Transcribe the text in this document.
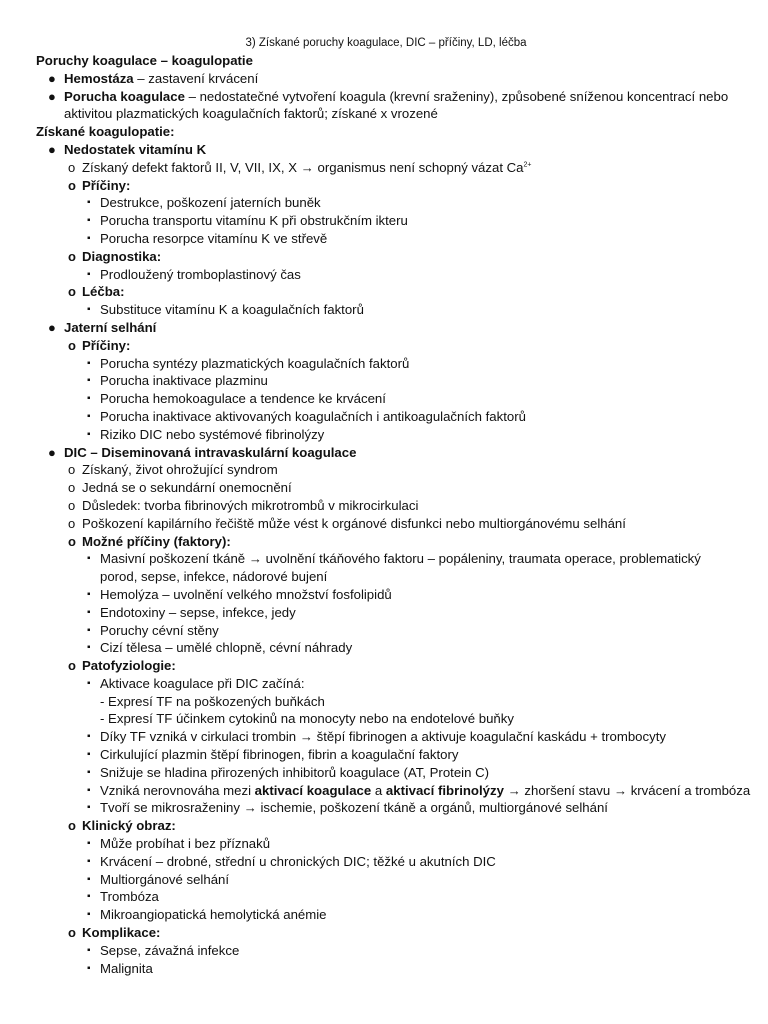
3) Získané poruchy koagulace, DIC – příčiny, LD, léčba
Poruchy koagulace – koagulopatie
● Hemostáza – zastavení krvácení
● Porucha koagulace – nedostatečné vytvoření koagula (krevní sraženiny), způsobené sníženou koncentrací nebo
aktivitou plazmatických koagulačních faktorů; získané x vrozené
Získané koagulopatie:
● Nedostatek vitamínu K
o Získaný defekt faktorů II, V, VII, IX, X → organismus není schopný vázat $Ca^{2+}$
o Příčiny:
▪ Destrukce, poškození jaterních buněk
▪ Porucha transportu vitamínu K při obstrukčním ikteru
▪ Porucha resorpce vitamínu K ve střevě
o Diagnostika:
▪ Prodloužený tromboplastinový čas
o Léčba:
▪ Substituce vitamínu K a koagulačních faktorů
● Jaterní selhání
o Příčiny:
▪ Porucha syntézy plazmatických koagulačních faktorů
▪ Porucha inaktivace plazminu
▪ Porucha hemokoagulace a tendence ke krvácení
▪ Porucha inaktivace aktivovaných koagulačních i antikoagulačních faktorů
▪ Riziko DIC nebo systémové fibrinolýzy
● DIC – Diseminovaná intravaskulární koagulace
o Získaný, život ohrožující syndrom
o Jedná se o sekundární onemocnění
o Důsledek: tvorba fibrinových mikrotrombů v mikrocirkulaci
o Poškození kapilárního řečiště může vést k orgánové disfunkci nebo multiorgánovému selhání
o Možné příčiny (faktory):
▪ Masivní poškození tkáně → uvolnění tkáňového faktoru – popáleniny, traumata operace, problematický
porod, sepse, infekce, nádorové bujení
▪ Hemolýza – uvolnění velkého množství fosfolipidů
▪ Endotoxiny – sepse, infekce, jedy
▪ Poruchy cévní stěny
▪ Cizí tělesa – umělé chlopně, cévní náhrady
o Patofyziologie:
▪ Aktivace koagulace při DIC začíná:
- Expresí TF na poškozených buňkách
- Expresí TF účinkem cytokinů na monocyty nebo na endotelové buňky
▪ Díky TF vzniká v cirkulaci trombin → štěpí fibrinogen a aktivuje koagulační kaskádu + trombocyty
▪ Cirkulující plazmin štěpí fibrinogen, fibrin a koagulační faktory
▪ Snižuje se hladina přirozených inhibitorů koagulace (AT, Protein C)
▪ Vzniká nerovnováha mezi aktivací koagulace a aktivací fibrinolýzy → zhoršení stavu → krvácení a trombóza
▪ Tvoří se mikrosraženiny → ischemie, poškození tkáně a orgánů, multiorgánové selhání
o Klinický obraz:
▪ Může probíhat i bez příznaků
▪ Krvácení – drobné, střední u chronických DIC; těžké u akutních DIC
▪ Multiorgánové selhání
▪ Trombóza
▪ Mikroangiopatická hemolytická anémie
o Komplikace:
▪ Sepse, závažná infekce
▪ Malignita
